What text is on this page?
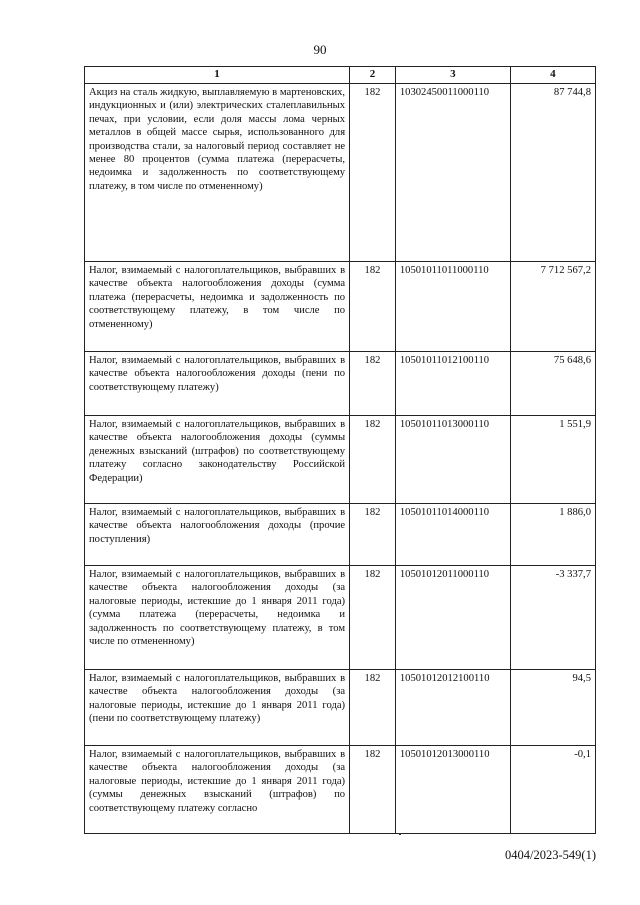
90
1	2	3	4
Акциз на сталь жидкую, выплавляемую в мартеновских, индукционных и (или) электрических сталеплавильных печах, при условии, если доля массы лома черных металлов в общей массе сырья, использованного для производства стали, за налоговый период составляет не менее 80 процентов (сумма платежа (перерасчеты, недоимка и задолженность по соответствующему платежу, в том числе по отмененному)	182	10302450011000110	87 744,8
Налог, взимаемый с налогоплательщиков, выбравших в качестве объекта налогообложения доходы (сумма платежа (перерасчеты, недоимка и задолженность по соответствующему платежу, в том числе по отмененному)	182	10501011011000110	7 712 567,2
Налог, взимаемый с налогоплательщиков, выбравших в качестве объекта налогообложения доходы (пени по соответствующему платежу)	182	10501011012100110	75 648,6
Налог, взимаемый с налогоплательщиков, выбравших в качестве объекта налогообложения доходы (суммы денежных взысканий (штрафов) по соответствующему платежу согласно законодательству Российской Федерации)	182	10501011013000110	1 551,9
Налог, взимаемый с налогоплательщиков, выбравших в качестве объекта налогообложения доходы (прочие поступления)	182	10501011014000110	1 886,0
Налог, взимаемый с налогоплательщиков, выбравших в качестве объекта налогообложения доходы (за налоговые периоды, истекшие до 1 января 2011 года) (сумма платежа (перерасчеты, недоимка и задолженность по соответствующему платежу, в том числе по отмененному)	182	10501012011000110	-3 337,7
Налог, взимаемый с налогоплательщиков, выбравших в качестве объекта налогообложения доходы (за налоговые периоды, истекшие до 1 января 2011 года) (пени по соответствующему платежу)	182	10501012012100110	94,5
Налог, взимаемый с налогоплательщиков, выбравших в качестве объекта налогообложения доходы (за налоговые периоды, истекшие до 1 января 2011 года) (суммы денежных взысканий (штрафов) по соответствующему платежу согласно	182	10501012013000110	-0,1
0404/2023-549(1)
